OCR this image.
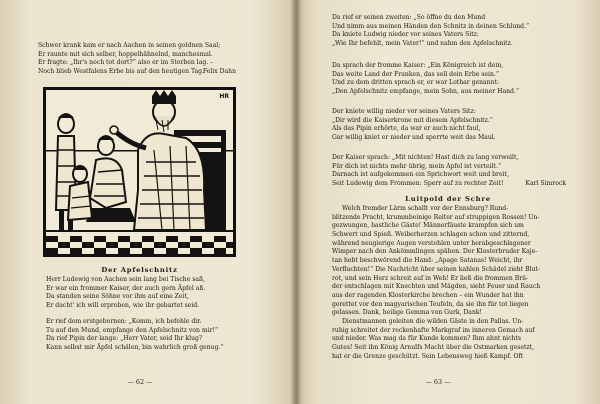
Schwer krank kam er nach Aachen in seinen goldnen Saal;
Er raunte mit sich selber, hoppelhähnelnd, manchesmal.
Er fragte: „Ihr's noch tot dort?“ also er im Sterben lag. –
Noch blieb Westfalens Erbe bis auf den heutigen Tag.
Felix Dahn
HR
Der Apfelschnitz
Herr Ludewig von Aachen sein lang bei Tische saß,
Er war ein frommer Kaiser, der auch gern Äpfel aß.
Da standen seine Söhne vor ihm auf eine Zeit,
Er dacht' ich will erproben, wie ihr gebartet seid.
Er rief dem erstgebornen: „Komm, ich befehle dir.
Tu auf den Mund, empfange den Apfelschnitz von mir!“
Da rief Pipin der lange: „Herr Vater, seid Ihr klug?
Kann selbst mir Äpfel schälen, bin wahrlich groß genug.“
— 62 —
Da rief er seinen zweiten: „So öffne du den Mund
Und nimm aus meinen Händen den Schnitz in deinen Schlund.“
Da kniete Ludwig nieder vor seines Vaters Sitz:
„Wie Ihr befehlt, mein Vater!“ und nahm den Apfelschnitz.
Da sprach der fromme Kaiser: „Ein Königreich ist dein,
Das weite Land der Franken, das soll dein Erbe sein.“
Und zu dem dritten sprach er, er war Lothar genannt:
„Den Apfelschnitz empfange, mein Sohn, aus meiner Hand.“
Der kniete willig nieder vor seines Vaters Sitz:
„Dir wird die Kaiserkrone mit diesem Apfelschnitz.“
Als das Pipin erhörte, da war er auch nicht faul,
Gar willig kniet er nieder und sperrte weit das Maul.
Der Kaiser sprach: „Mit nichten! Hast dich zu lang verweilt,
Für dich ist nichts mehr übrig, mein Apfel ist verteilt.“
Darnach ist aufgekommen ein Sprichwort weit und breit,
Seit Ludewig dem Frommen: Sperr auf zu rechter Zeit!	Karl Simrock
Luitpold der Schre
Welch fremder Lärm schallt vor der Ennsburg? Rund-
blitzende Pracht, krummbeinige Reiter auf struppigen Rossen! Un-
gezwungen, hastliche Gäste! Männerfäuste krampfen sich um
Schwert und Spieß. Weiberherzen schlagen schon und zitternd,
während neugierige Augen verstohlen unter herabgeschlagener
Wimper nach den Ankömmlingen spähen. Der Klosterbruder Kaje-
tan hebt beschwörend die Hand: „Apage Satanas! Weicht, ihr
Verfluchten!“ Die Nachricht über seinen kahlen Schädel zieht Blut-
rot, und sein Herz schreit auf in Weh! Er ließ die frommen Brü-
der entschlagen mit Knechten und Mägden, sieht Feuer und Rauch
aus der ragenden Klosterkirche brechen – ein Wunder hat ihn
gerettet vor den magyarischen Teufeln, da sie ihn für tot liegen
gelassen. Dank, heilige Gemma von Gurk, Dank!
Dienstmannen geleiten die wilden Gäste in den Pallas. Un-
ruhig schreitet der reckenhafte Markgraf im inneren Gemach auf
und nieder. Was mag da für Kunde kommen? Ihm ahnt nichts
Gutes! Seit ihn König Arnulfs Macht über die Ostmarken gesetzt,
hat er die Grenze geschützt. Sein Lebensweg hieß Kampf. Oft
— 63 —
